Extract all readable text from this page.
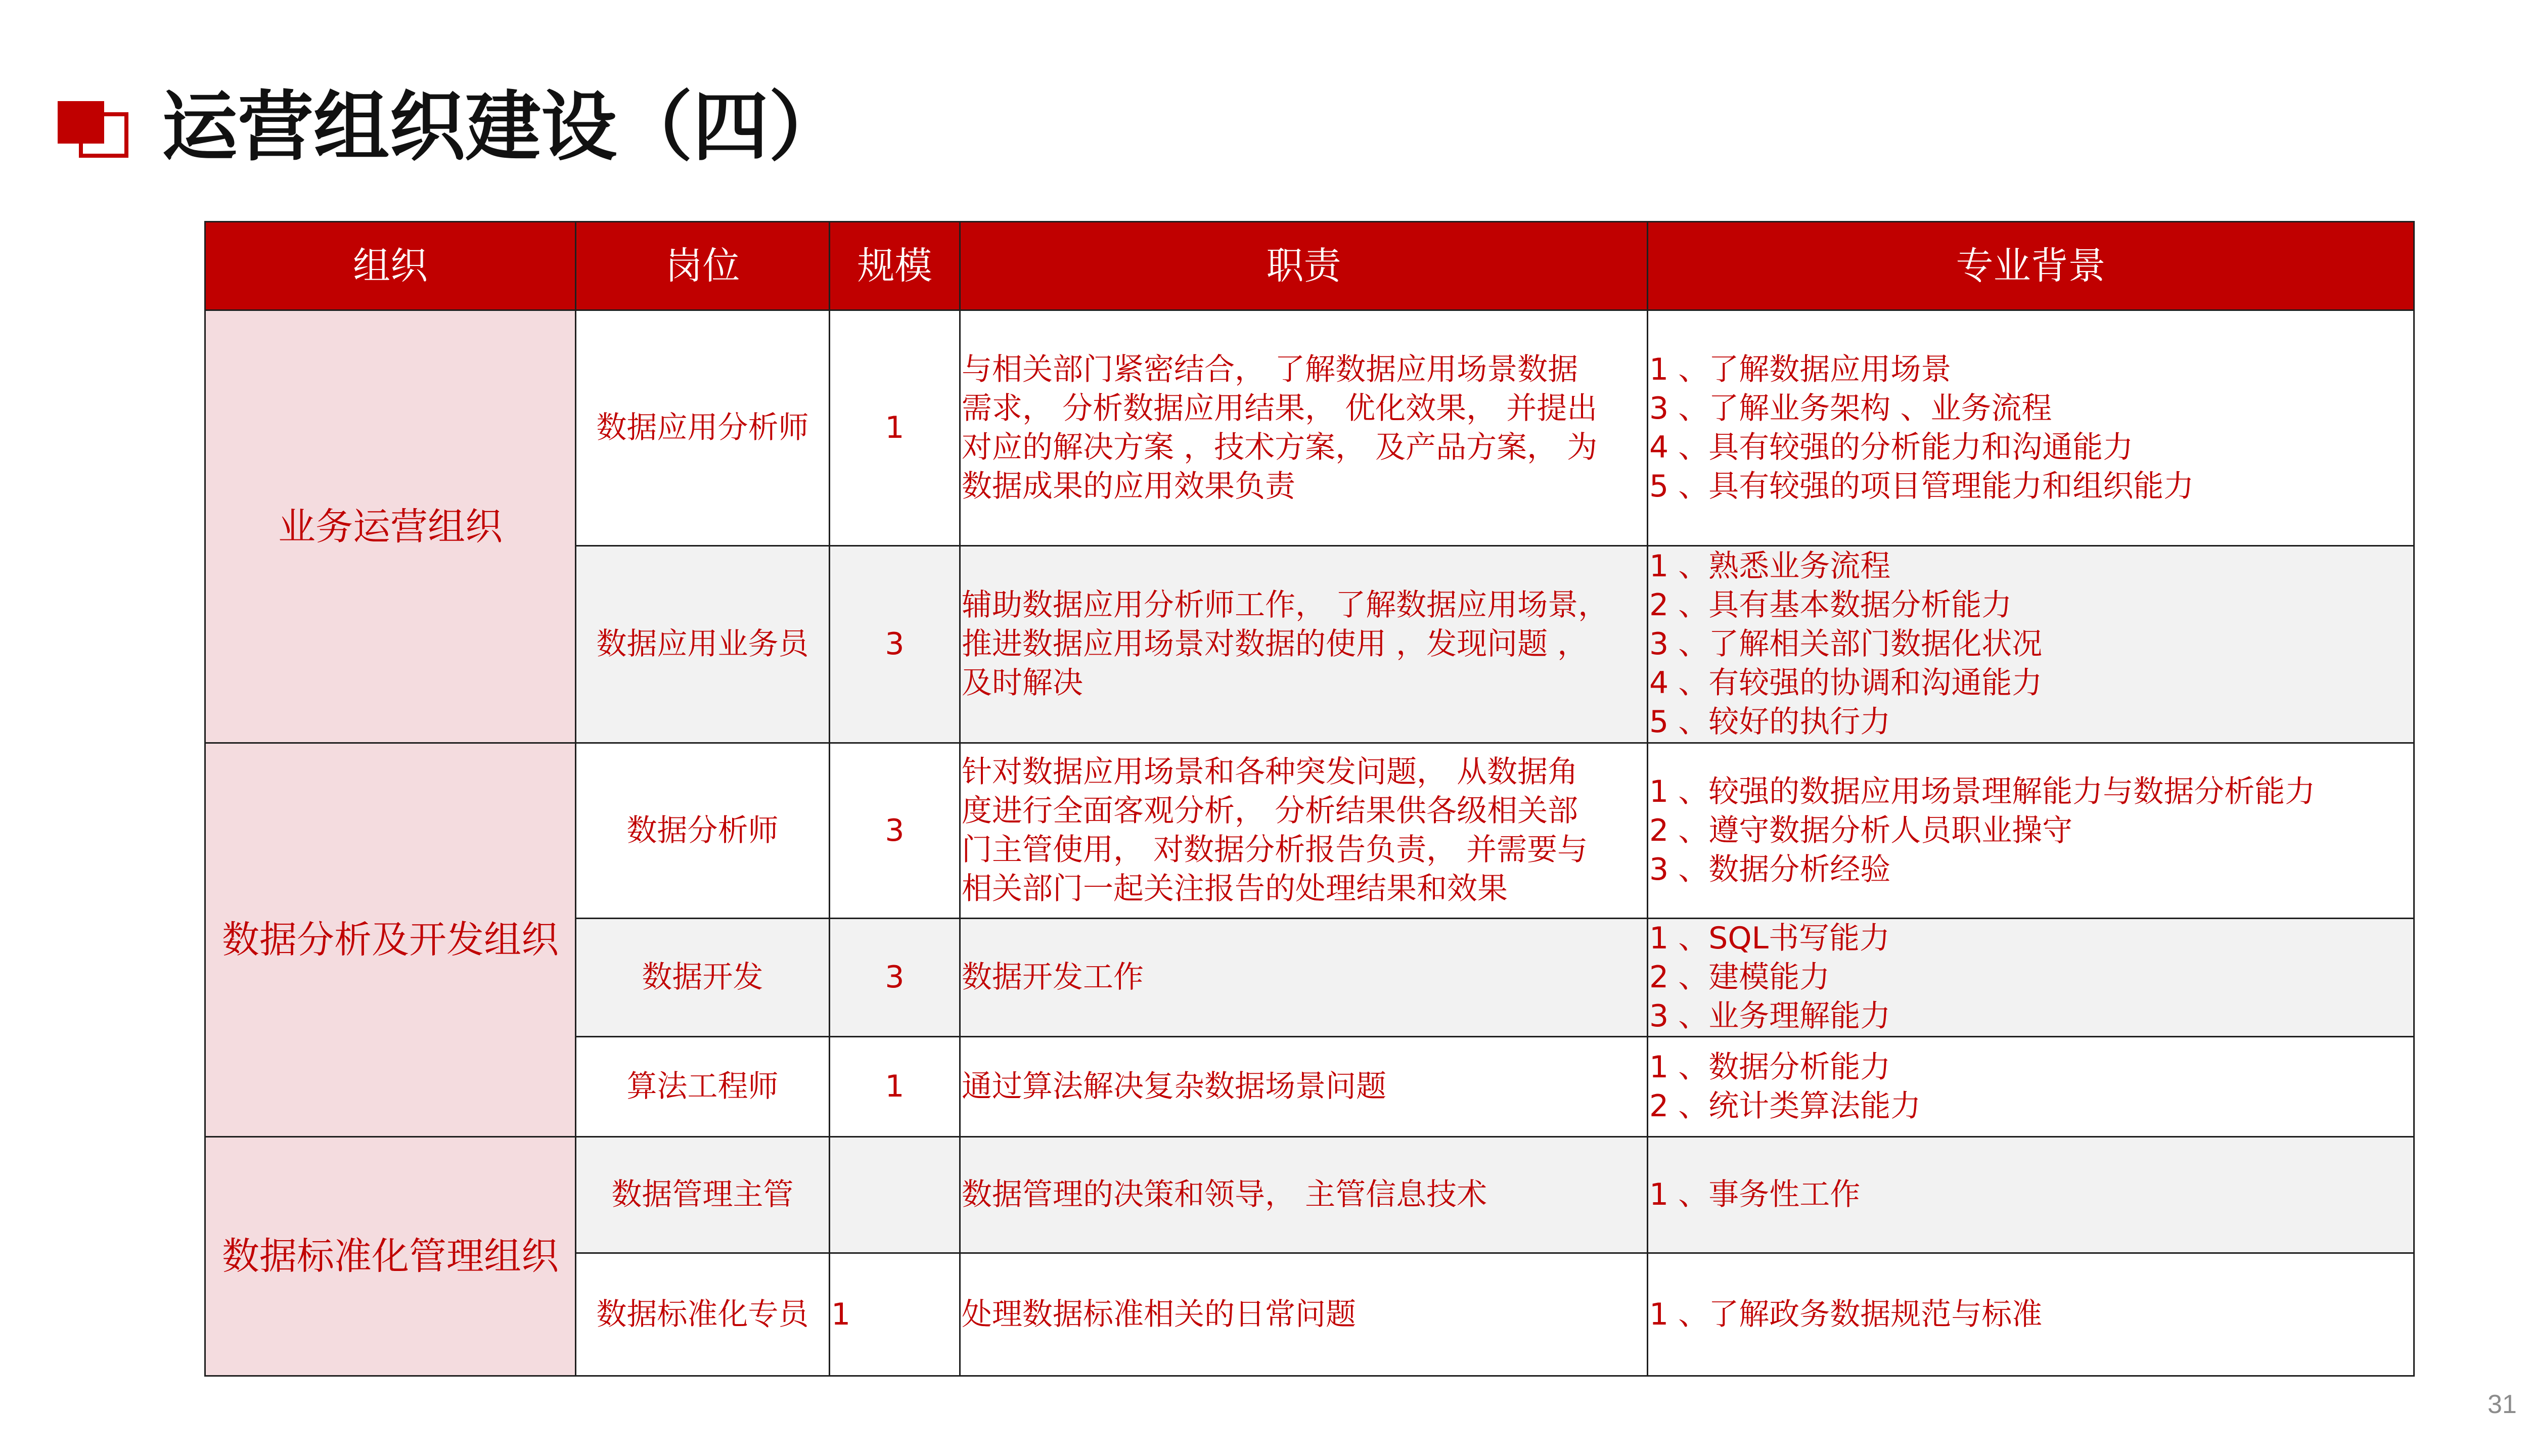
运营组织建设（四）
组织	岗位	规模	职责	专业背景
业务运营组织	数据应用分析师	1	与相关部门紧密结合， 了解数据应用场景数据
需求， 分析数据应用结果， 优化效果， 并提出
对应的解决方案 ，技术方案， 及产品方案， 为
数据成果的应用效果负责	1 、了解数据应用场景
3 、了解业务架构 、业务流程
4 、具有较强的分析能力和沟通能力
5 、具有较强的项目管理能力和组织能力

	数据应用业务员	3	辅助数据应用分析师工作， 了解数据应用场景，
推进数据应用场景对数据的使用 ，发现问题 ，
及时解决	1 、熟悉业务流程
2 、具有基本数据分析能力
3 、了解相关部门数据化状况
4 、有较强的协调和沟通能力
5 、较好的执行力

数据分析及开发组织	数据分析师	3	针对数据应用场景和各种突发问题， 从数据角
度进行全面客观分析， 分析结果供各级相关部
门主管使用， 对数据分析报告负责， 并需要与
相关部门一起关注报告的处理结果和效果	1 、较强的数据应用场景理解能力与数据分析能力
2 、遵守数据分析人员职业操守
3 、数据分析经验

	数据开发	3	数据开发工作	1 、SQL书写能力
2 、建模能力
3 、业务理解能力

	算法工程师	1	通过算法解决复杂数据场景问题	1 、数据分析能力
2 、统计类算法能力

数据标准化管理组织	数据管理主管		数据管理的决策和领导， 主管信息技术	1 、事务性工作

	数据标准化专员	1	处理数据标准相关的日常问题	1 、了解政务数据规范与标准
31
